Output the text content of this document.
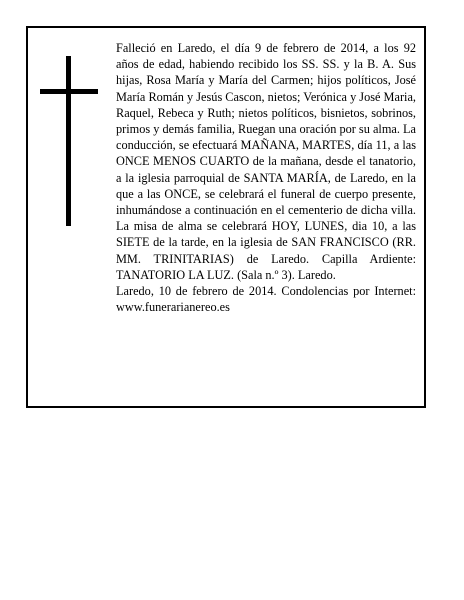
Falleció en Laredo, el día 9 de febrero de 2014, a los 92 años de edad, habiendo recibido los SS. SS. y la B. A. Sus hijas, Rosa María y María del Carmen; hijos políticos, José María Román y Jesús Cascon, nietos; Verónica y José Maria, Raquel, Rebeca y Ruth; nietos políticos, bisnietos, sobrinos, primos y demás familia, Ruegan una oración por su alma. La conducción, se efectuará MAÑANA, MARTES, día 11, a las ONCE MENOS CUARTO de la mañana, desde el tanatorio, a la iglesia parroquial de SANTA MARÍA, de Laredo, en la que a las ONCE, se celebrará el funeral de cuerpo presente, inhumándose a continuación en el cementerio de dicha villa. La misa de alma se celebrará HOY, LUNES, dia 10, a las SIETE de la tarde, en la iglesia de SAN FRANCISCO (RR. MM. TRINITARIAS) de Laredo. Capilla Ardiente: TANATORIO LA LUZ. (Sala n.º 3). Laredo.

Laredo, 10 de febrero de 2014. Condolencias por Internet: www.funerarianereo.es
